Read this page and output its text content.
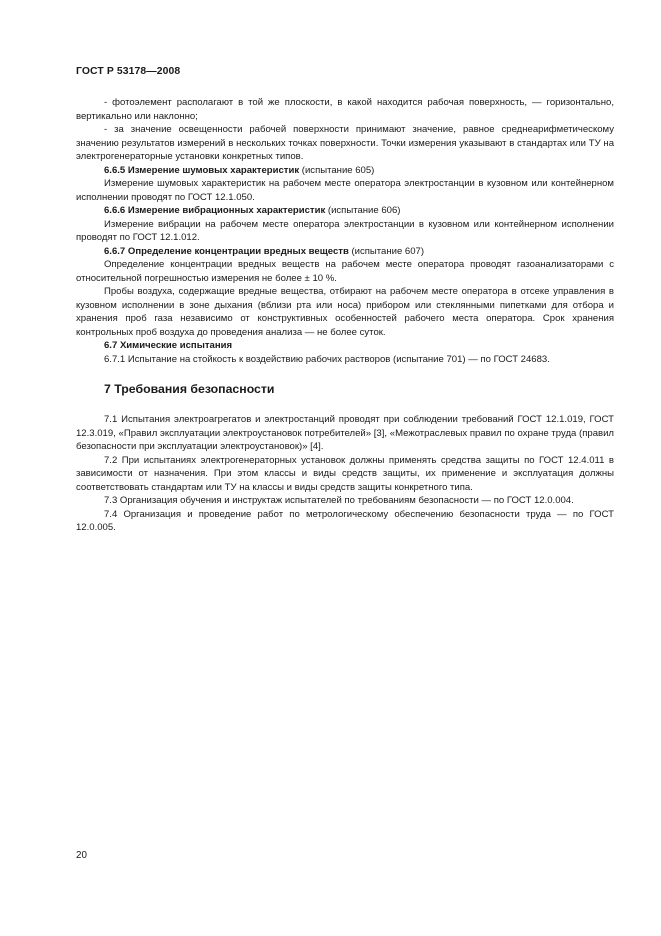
ГОСТ Р 53178—2008

- фотоэлемент располагают в той же плоскости, в какой находится рабочая поверхность, — горизонтально, вертикально или наклонно;

- за значение освещенности рабочей поверхности принимают значение, равное среднеарифметическому значению результатов измерений в нескольких точках поверхности. Точки измерения указывают в стандартах или ТУ на электрогенераторные установки конкретных типов.

6.6.5 Измерение шумовых характеристик (испытание 605)

Измерение шумовых характеристик на рабочем месте оператора электростанции в кузовном или контейнерном исполнении проводят по ГОСТ 12.1.050.

6.6.6 Измерение вибрационных характеристик (испытание 606)

Измерение вибрации на рабочем месте оператора электростанции в кузовном или контейнерном исполнении проводят по ГОСТ 12.1.012.

6.6.7 Определение концентрации вредных веществ (испытание 607)

Определение концентрации вредных веществ на рабочем месте оператора проводят газоанализаторами с относительной погрешностью измерения не более ± 10 %.

Пробы воздуха, содержащие вредные вещества, отбирают на рабочем месте оператора в отсеке управления в кузовном исполнении в зоне дыхания (вблизи рта или носа) прибором или стеклянными пипетками для отбора и хранения проб газа независимо от конструктивных особенностей рабочего места оператора. Срок хранения контрольных проб воздуха до проведения анализа — не более суток.

6.7 Химические испытания

6.7.1 Испытание на стойкость к воздействию рабочих растворов (испытание 701) — по ГОСТ 24683.

7 Требования безопасности

7.1 Испытания электроагрегатов и электростанций проводят при соблюдении требований ГОСТ 12.1.019, ГОСТ 12.3.019, «Правил эксплуатации электроустановок потребителей» [3], «Межотраслевых правил по охране труда (правил безопасности при эксплуатации электроустановок)» [4].

7.2 При испытаниях электрогенераторных установок должны применять средства защиты по ГОСТ 12.4.011 в зависимости от назначения. При этом классы и виды средств защиты, их применение и эксплуатация должны соответствовать стандартам или ТУ на классы и виды средств защиты конкретного типа.

7.3 Организация обучения и инструктаж испытателей по требованиям безопасности — по ГОСТ 12.0.004.

7.4 Организация и проведение работ по метрологическому обеспечению безопасности труда — по ГОСТ 12.0.005.

20
